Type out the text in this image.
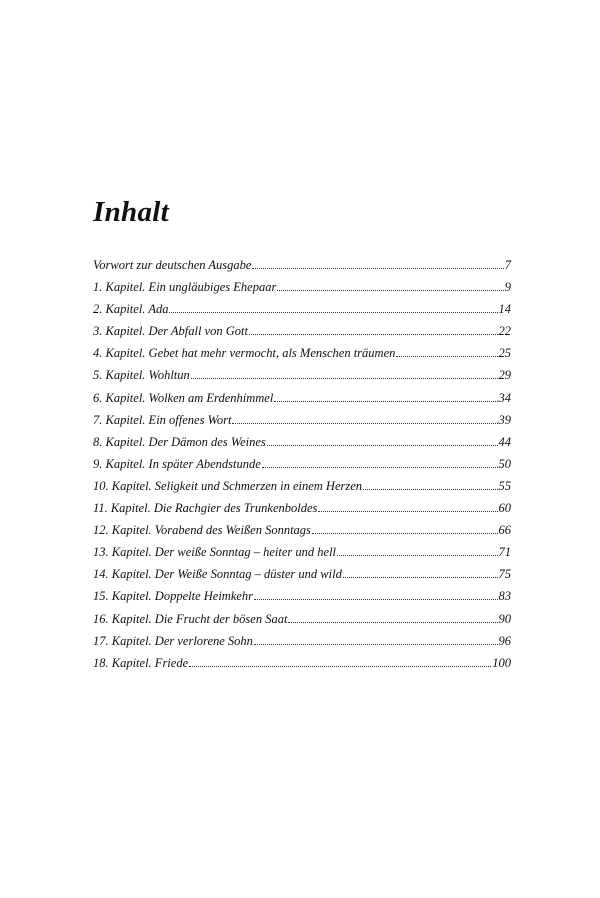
Inhalt
Vorwort zur deutschen Ausgabe	7
1. Kapitel. Ein ungläubiges Ehepaar	9
2. Kapitel. Ada	14
3. Kapitel. Der Abfall von Gott	22
4. Kapitel. Gebet hat mehr vermocht, als Menschen träumen	25
5. Kapitel. Wohltun	29
6. Kapitel. Wolken am Erdenhimmel	34
7. Kapitel. Ein offenes Wort	39
8. Kapitel. Der Dämon des Weines	44
9. Kapitel. In später Abendstunde	50
10. Kapitel. Seligkeit und Schmerzen in einem Herzen	55
11. Kapitel. Die Rachgier des Trunkenboldes	60
12. Kapitel. Vorabend des Weißen Sonntags	66
13. Kapitel. Der weiße Sonntag – heiter und hell	71
14. Kapitel. Der Weiße Sonntag – düster und wild	75
15. Kapitel. Doppelte Heimkehr	83
16. Kapitel. Die Frucht der bösen Saat	90
17. Kapitel. Der verlorene Sohn	96
18. Kapitel. Friede	100
